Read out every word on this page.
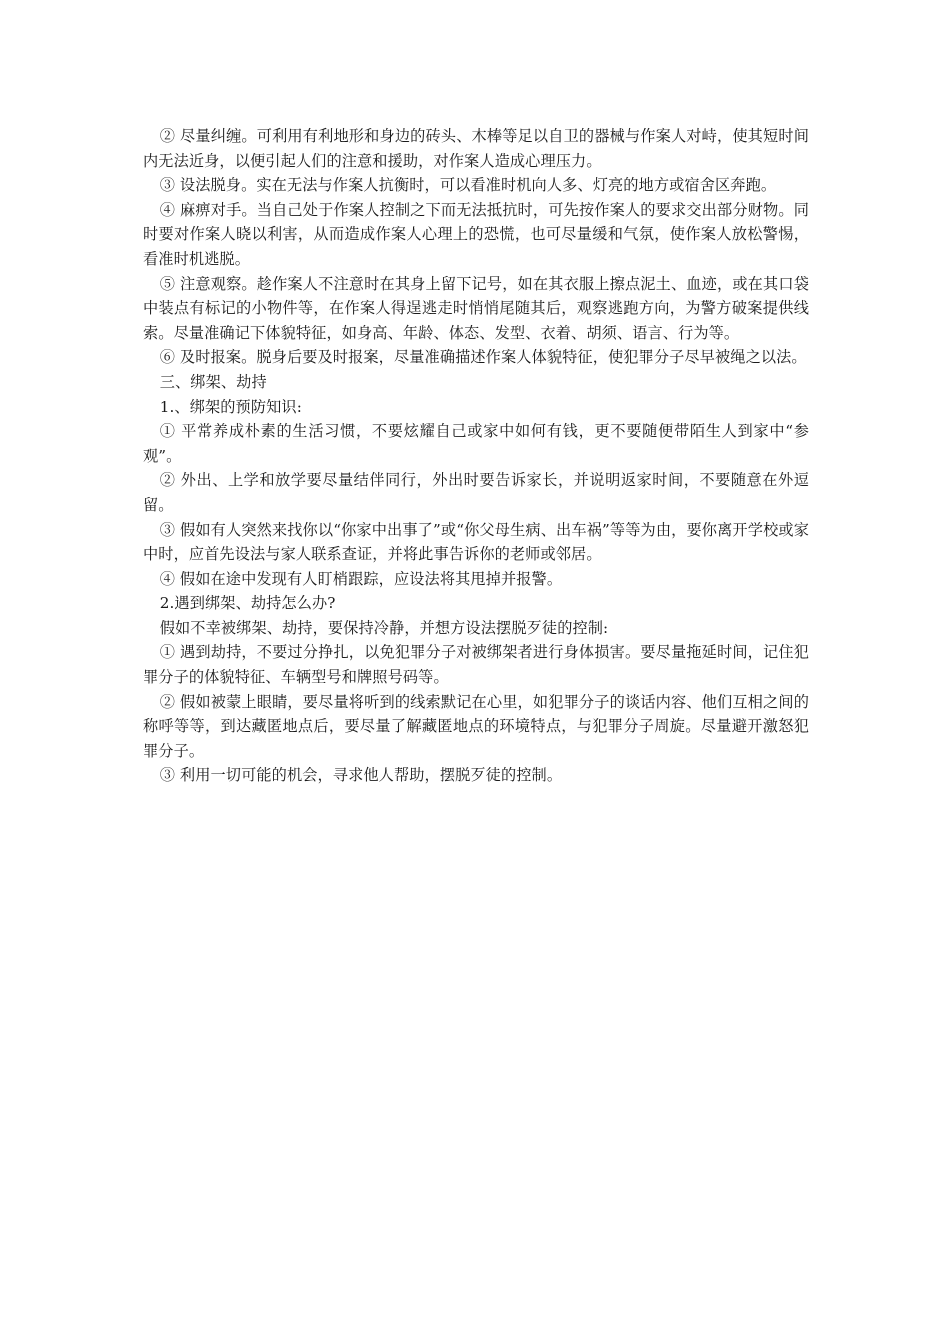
② 尽量纠缠。可利用有利地形和身边的砖头、木棒等足以自卫的器械与作案人对峙，使其短时间内无法近身，以便引起人们的注意和援助，对作案人造成心理压力。

③ 设法脱身。实在无法与作案人抗衡时，可以看准时机向人多、灯亮的地方或宿舍区奔跑。

④ 麻痹对手。当自己处于作案人控制之下而无法抵抗时，可先按作案人的要求交出部分财物。同时要对作案人晓以利害，从而造成作案人心理上的恐慌，也可尽量缓和气氛，使作案人放松警惕，看准时机逃脱。

⑤ 注意观察。趁作案人不注意时在其身上留下记号，如在其衣服上擦点泥土、血迹，或在其口袋中装点有标记的小物件等，在作案人得逞逃走时悄悄尾随其后，观察逃跑方向，为警方破案提供线索。尽量准确记下体貌特征，如身高、年龄、体态、发型、衣着、胡须、语言、行为等。

⑥ 及时报案。脱身后要及时报案，尽量准确描述作案人体貌特征，使犯罪分子尽早被绳之以法。

三、绑架、劫持

1.、绑架的预防知识:

① 平常养成朴素的生活习惯，不要炫耀自己或家中如何有钱，更不要随便带陌生人到家中“参观”。

② 外出、上学和放学要尽量结伴同行，外出时要告诉家长，并说明返家时间，不要随意在外逗留。

③ 假如有人突然来找你以“你家中出事了”或“你父母生病、出车祸”等等为由，要你离开学校或家中时，应首先设法与家人联系查证，并将此事告诉你的老师或邻居。

④ 假如在途中发现有人盯梢跟踪，应设法将其甩掉并报警。

2.遇到绑架、劫持怎么办?

假如不幸被绑架、劫持，要保持冷静，并想方设法摆脱歹徒的控制:

① 遇到劫持，不要过分挣扎，以免犯罪分子对被绑架者进行身体损害。要尽量拖延时间，记住犯罪分子的体貌特征、车辆型号和牌照号码等。

② 假如被蒙上眼睛，要尽量将听到的线索默记在心里，如犯罪分子的谈话内容、他们互相之间的称呼等等，到达藏匿地点后，要尽量了解藏匿地点的环境特点，与犯罪分子周旋。尽量避开激怒犯罪分子。

③ 利用一切可能的机会，寻求他人帮助，摆脱歹徒的控制。
